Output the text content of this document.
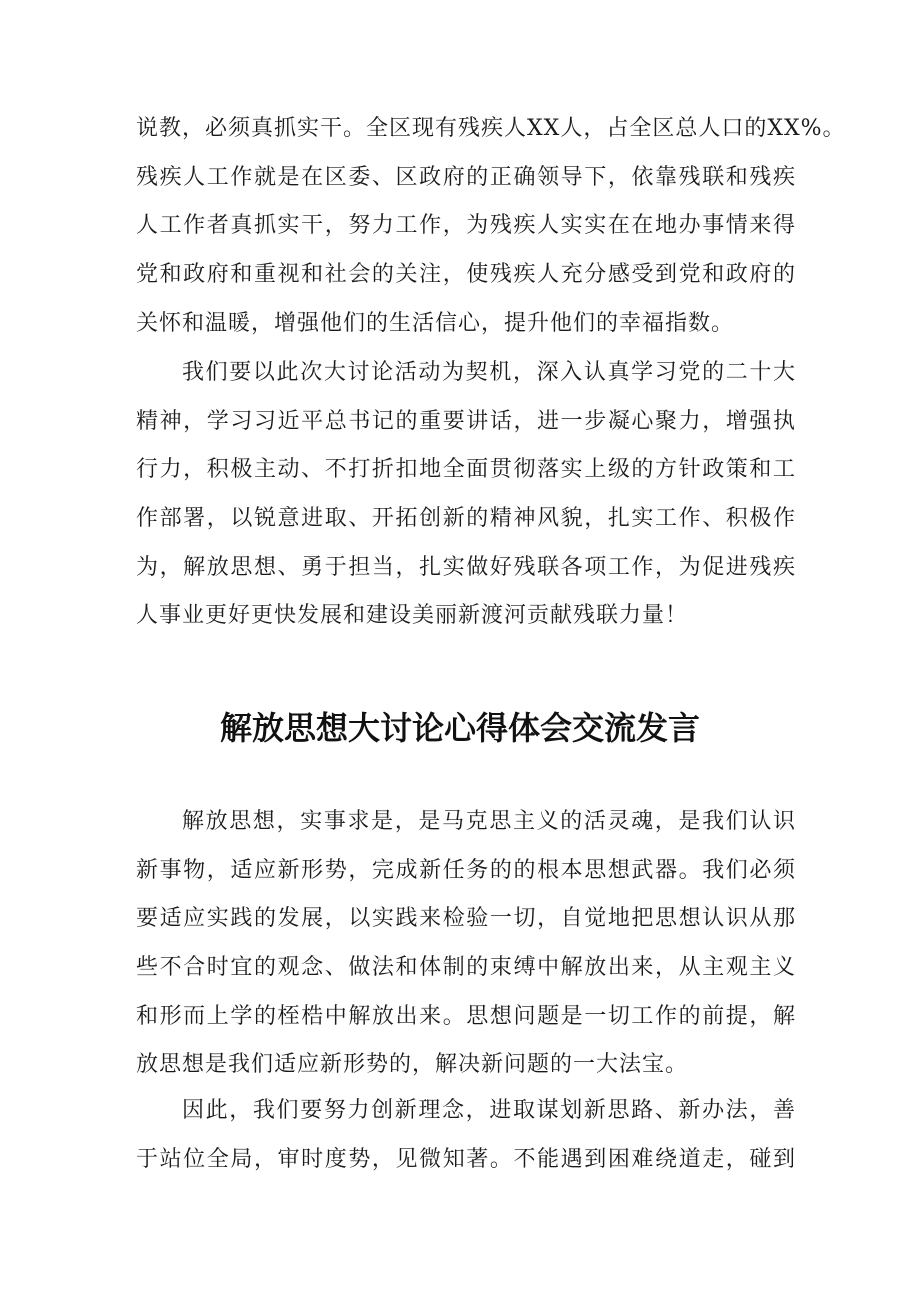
说教，必须真抓实干。全区现有残疾人XX人，占全区总人口的XX%。
残疾人工作就是在区委、区政府的正确领导下，依靠残联和残疾
人工作者真抓实干，努力工作，为残疾人实实在在地办事情来得
党和政府和重视和社会的关注，使残疾人充分感受到党和政府的
关怀和温暖，增强他们的生活信心，提升他们的幸福指数。
我们要以此次大讨论活动为契机，深入认真学习党的二十大
精神，学习习近平总书记的重要讲话，进一步凝心聚力，增强执
行力，积极主动、不打折扣地全面贯彻落实上级的方针政策和工
作部署，以锐意进取、开拓创新的精神风貌，扎实工作、积极作
为，解放思想、勇于担当，扎实做好残联各项工作，为促进残疾
人事业更好更快发展和建设美丽新渡河贡献残联力量！
解放思想大讨论心得体会交流发言
解放思想，实事求是，是马克思主义的活灵魂，是我们认识
新事物，适应新形势，完成新任务的的根本思想武器。我们必须
要适应实践的发展，以实践来检验一切，自觉地把思想认识从那
些不合时宜的观念、做法和体制的束缚中解放出来，从主观主义
和形而上学的桎梏中解放出来。思想问题是一切工作的前提，解
放思想是我们适应新形势的，解决新问题的一大法宝。
因此，我们要努力创新理念，进取谋划新思路、新办法，善
于站位全局，审时度势，见微知著。不能遇到困难绕道走，碰到
